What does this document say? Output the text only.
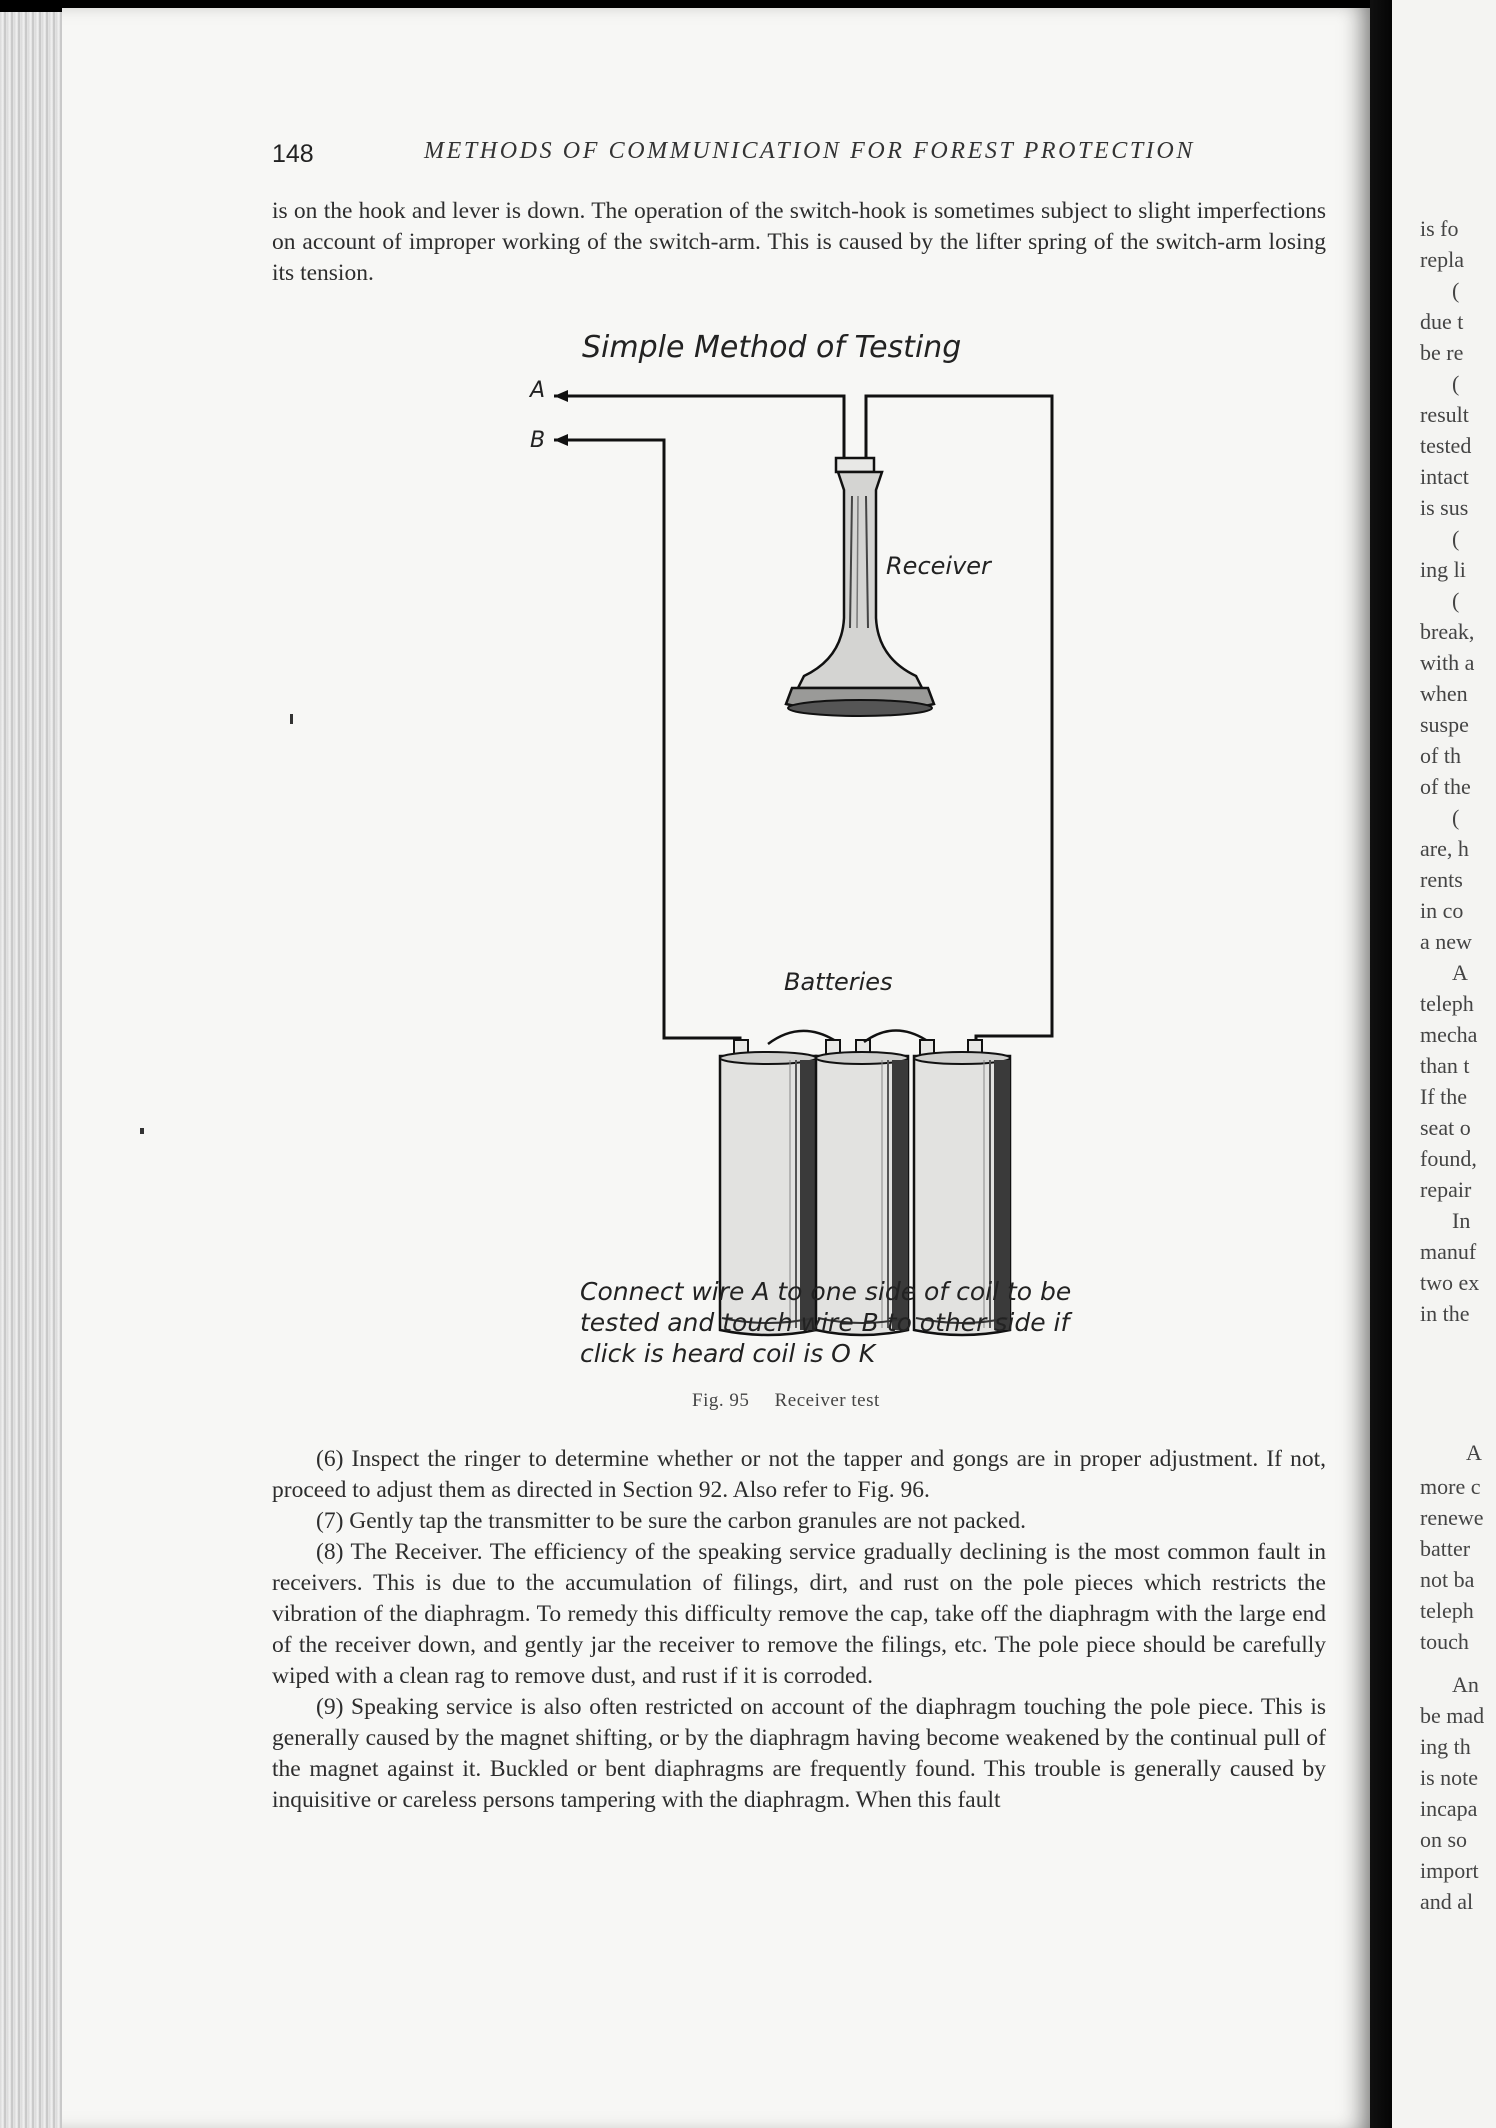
148	METHODS OF COMMUNICATION FOR FOREST PROTECTION

is on the hook and lever is down. The operation of the switch-hook is sometimes subject to slight imperfections on account of improper working of the switch-arm. This is caused by the lifter spring of the switch-arm losing its tension.

Simple Method of Testing
A
B
Receiver
Batteries
Connect wire A to one side of coil to be tested and touch wire B to other side if click is heard coil is O K
Fig. 95 Receiver test

(6) Inspect the ringer to determine whether or not the tapper and gongs are in proper adjustment. If not, proceed to adjust them as directed in Section 92. Also refer to Fig. 96.

(7) Gently tap the transmitter to be sure the carbon granules are not packed.

(8) The Receiver. The efficiency of the speaking service gradually declining is the most common fault in receivers. This is due to the accumulation of filings, dirt, and rust on the pole pieces which restricts the vibration of the diaphragm. To remedy this difficulty remove the cap, take off the diaphragm with the large end of the receiver down, and gently jar the receiver to remove the filings, etc. The pole piece should be carefully wiped with a clean rag to remove dust, and rust if it is corroded.

(9) Speaking service is also often restricted on account of the diaphragm touching the pole piece. This is generally caused by the magnet shifting, or by the diaphragm having become weakened by the continual pull of the magnet against it. Buckled or bent diaphragms are frequently found. This trouble is generally caused by inquisitive or careless persons tampering with the diaphragm. When this fault

is fo
repla
(
due t
be re
(
result
tested
intact
is sus
(
ing li
(
break,
with a
when
suspe
of th
of the
(
are, h
rents
in co
a new
A
teleph
mecha
than t
If the
seat o
found,
repair
In
manuf
two ex
in the
A
more c
renewe
batter
not ba
teleph
touch
An
be mad
ing th
is note
incapa
on so
import
and al
